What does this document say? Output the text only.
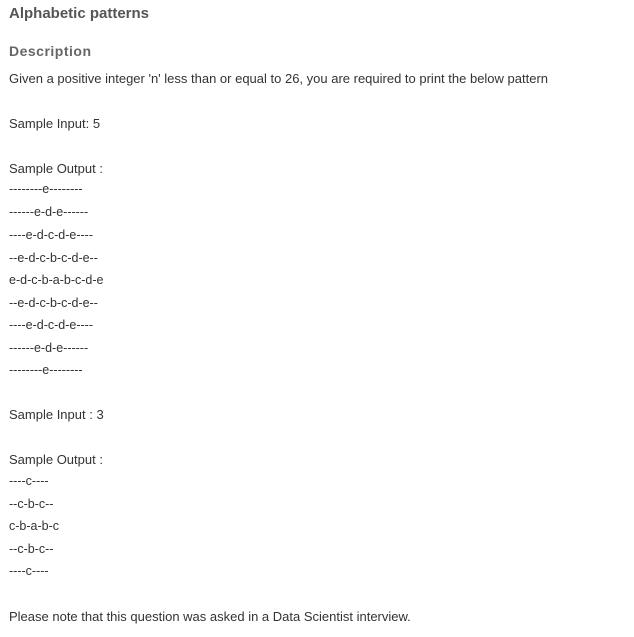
Alphabetic patterns
Description
Given a positive integer 'n' less than or equal to 26, you are required to print the below pattern
Sample Input: 5
Sample Output :
--------e--------
------e-d-e------
----e-d-c-d-e----
--e-d-c-b-c-d-e--
e-d-c-b-a-b-c-d-e
--e-d-c-b-c-d-e--
----e-d-c-d-e----
------e-d-e------
--------e--------
Sample Input : 3
Sample Output :
----c----
--c-b-c--
c-b-a-b-c
--c-b-c--
----c----
Please note that this question was asked in a Data Scientist interview.
